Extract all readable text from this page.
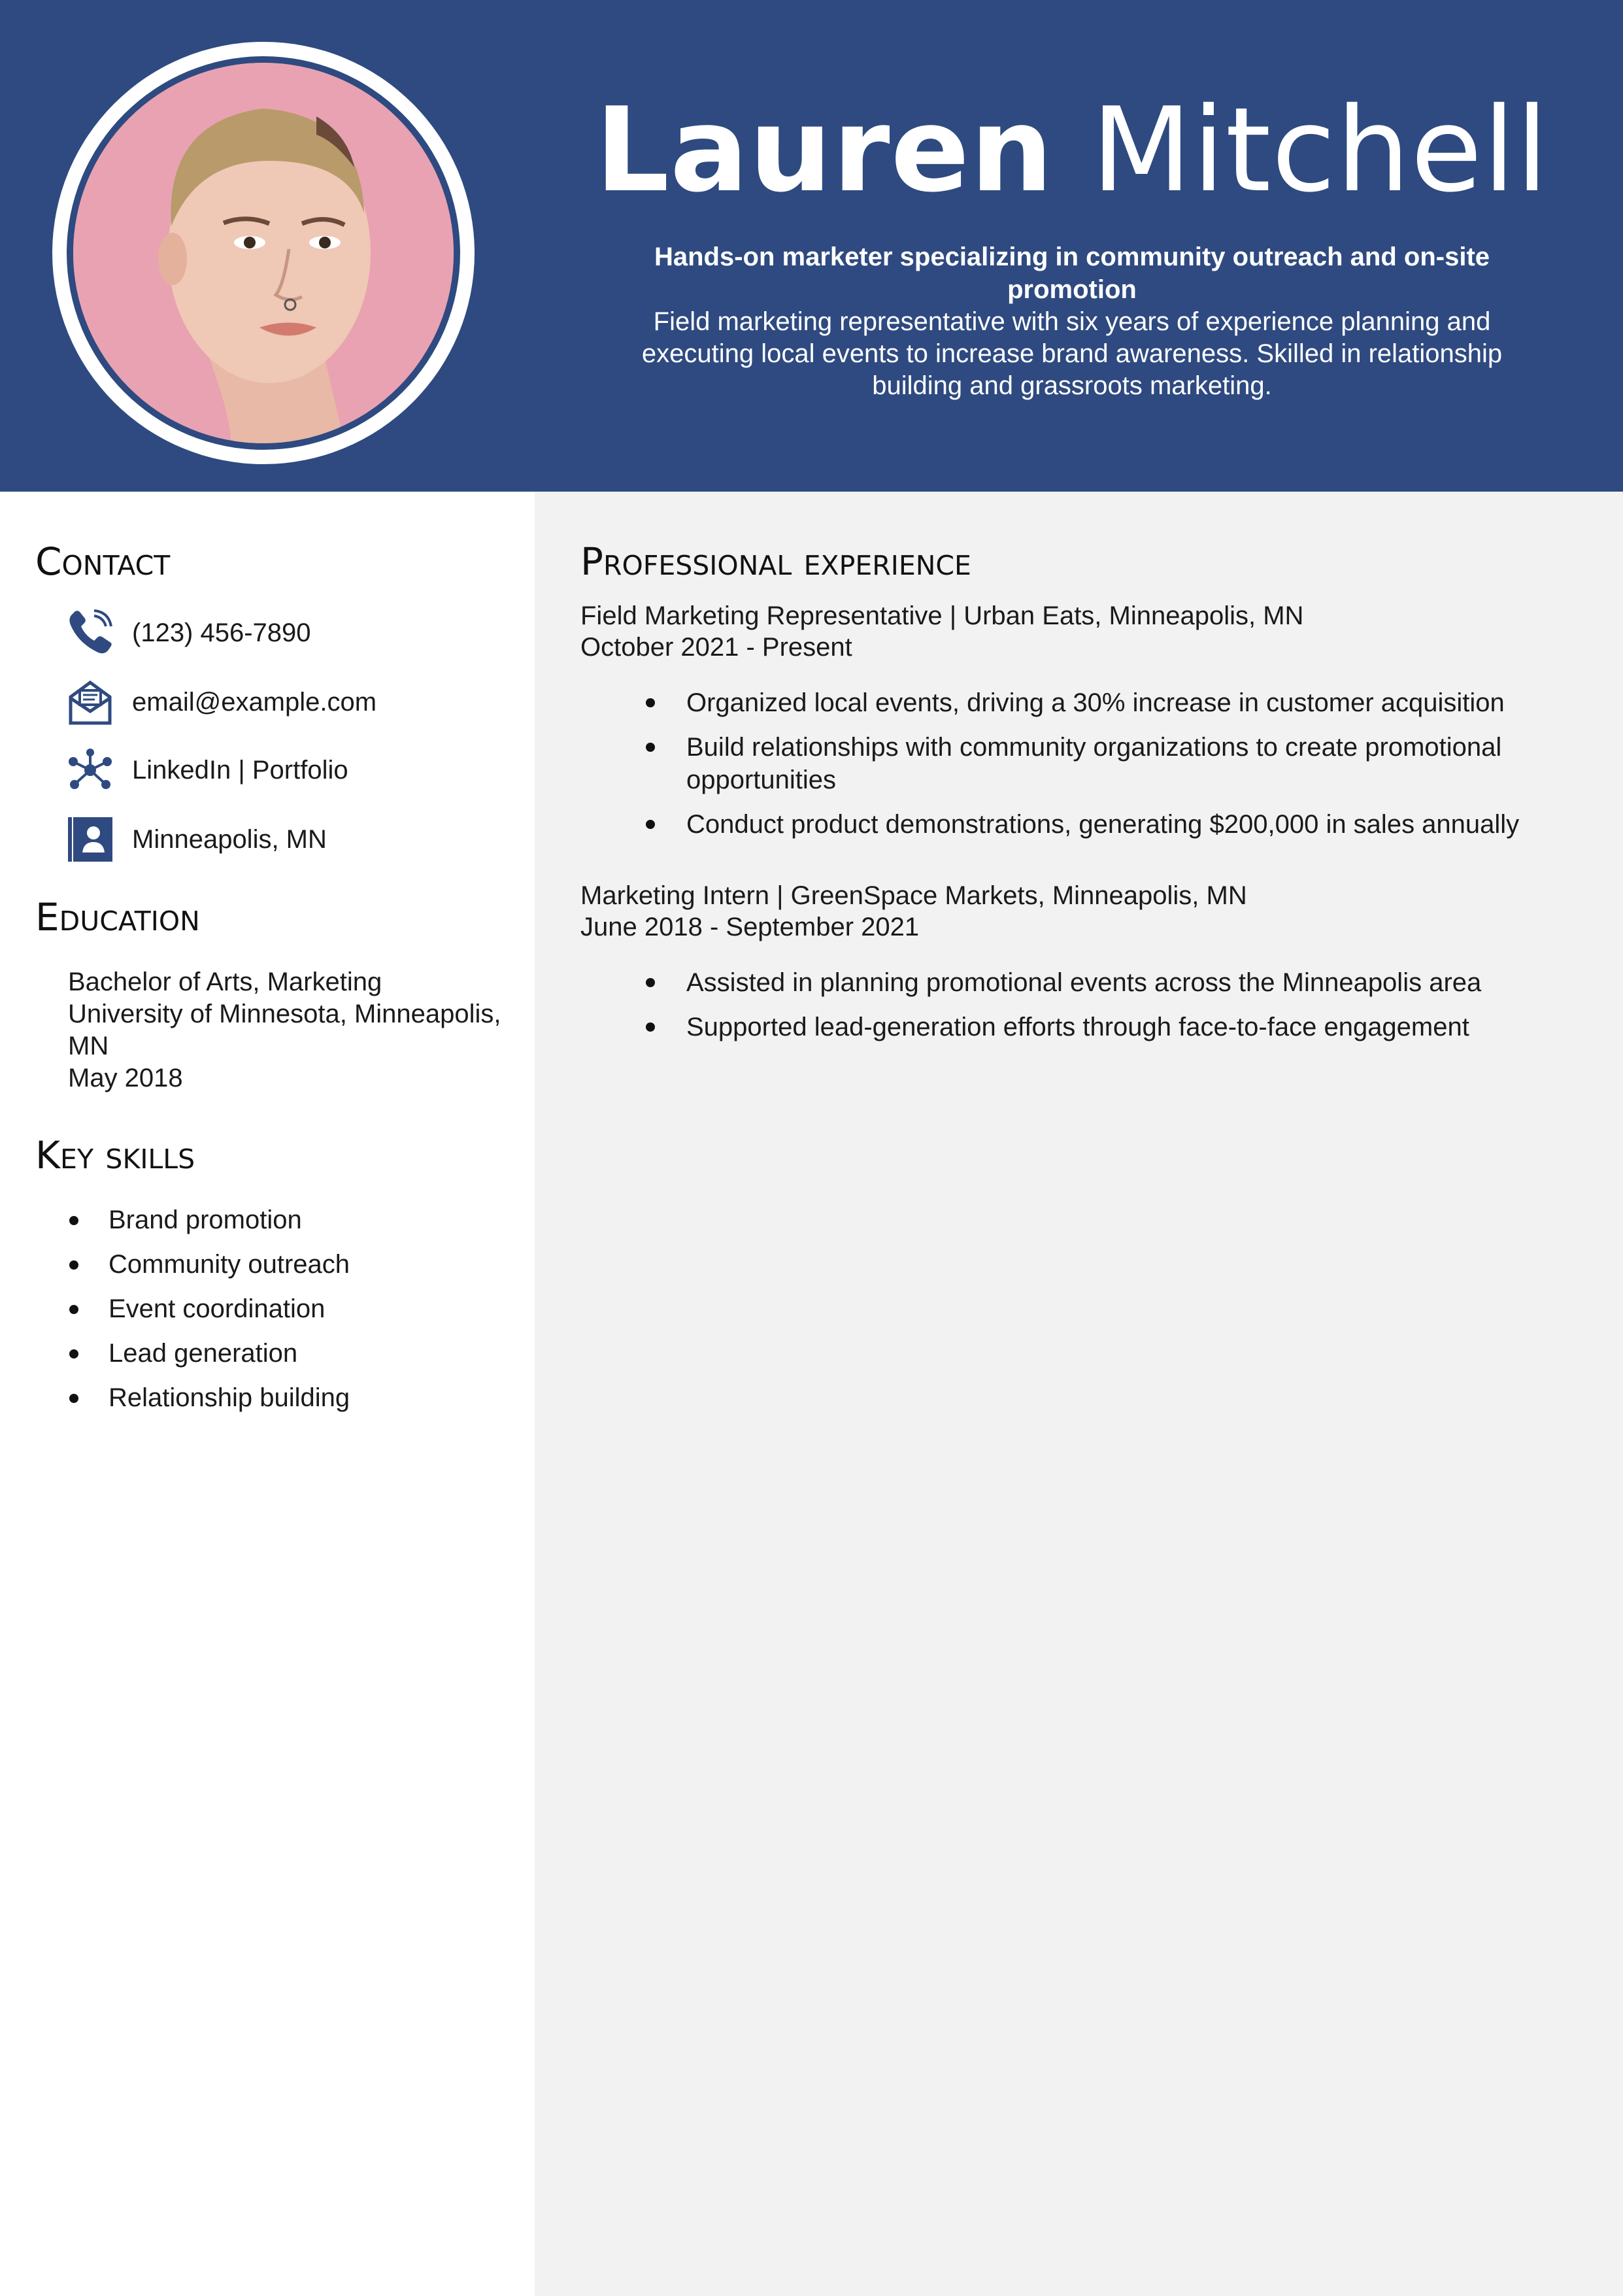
Lauren Mitchell
Hands-on marketer specializing in community outreach and on-site promotion
Field marketing representative with six years of experience planning and executing local events to increase brand awareness. Skilled in relationship building and grassroots marketing.
Contact
(123) 456-7890
email@example.com
LinkedIn | Portfolio
Minneapolis, MN
Education
Bachelor of Arts, Marketing
University of Minnesota, Minneapolis,
MN
May 2018
Key skills
Brand promotion
Community outreach
Event coordination
Lead generation
Relationship building
Professional experience
Field Marketing Representative | Urban Eats, Minneapolis, MN
October 2021 - Present
Organized local events, driving a 30% increase in customer acquisition
Build relationships with community organizations to create promotional opportunities
Conduct product demonstrations, generating $200,000 in sales annually
Marketing Intern | GreenSpace Markets, Minneapolis, MN
June 2018 - September 2021
Assisted in planning promotional events across the Minneapolis area
Supported lead-generation efforts through face-to-face engagement
